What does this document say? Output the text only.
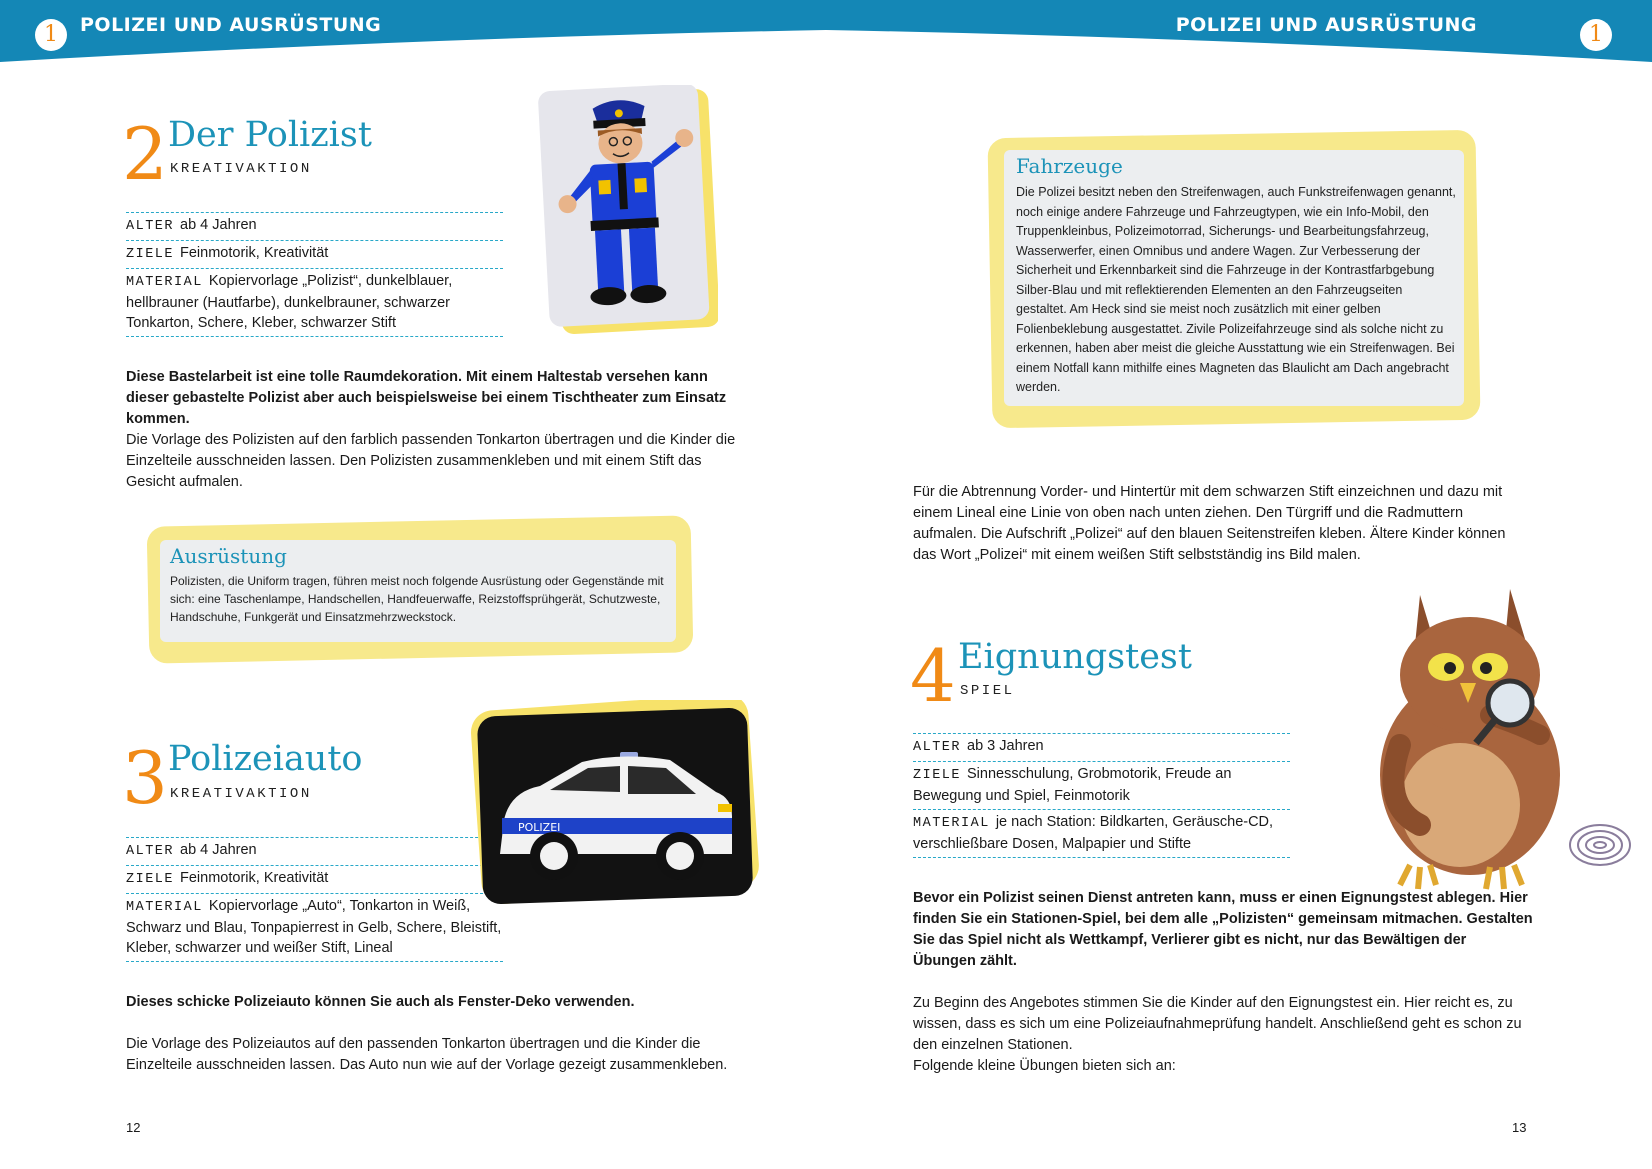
1	POLIZEI UND AUSRÜSTUNG	POLIZEI UND AUSRÜSTUNG	1
2 Der Polizist
KREATIVAKTION
ALTER ab 4 Jahren
ZIELE Feinmotorik, Kreativität
MATERIAL Kopiervorlage „Polizist“, dunkelblauer, hellbrauner (Hautfarbe), dunkelbrauner, schwarzer Tonkarton, Schere, Kleber, schwarzer Stift
Diese Bastelarbeit ist eine tolle Raumdekoration. Mit einem Haltestab versehen kann dieser gebastelte Polizist aber auch beispielsweise bei einem Tischtheater zum Einsatz kommen.
Die Vorlage des Polizisten auf den farblich passenden Tonkarton übertragen und die Kinder die Einzelteile ausschneiden lassen. Den Polizisten zusammenkleben und mit einem Stift das Gesicht aufmalen.
Ausrüstung
Polizisten, die Uniform tragen, führen meist noch folgende Ausrüstung oder Gegenstände mit sich: eine Taschenlampe, Handschellen, Handfeuerwaffe, Reizstoffsprühgerät, Schutzweste, Handschuhe, Funkgerät und Einsatzmehrzweckstock.
3 Polizeiauto
KREATIVAKTION
ALTER ab 4 Jahren
ZIELE Feinmotorik, Kreativität
MATERIAL Kopiervorlage „Auto“, Tonkarton in Weiß, Schwarz und Blau, Tonpapierrest in Gelb, Schere, Bleistift, Kleber, schwarzer und weißer Stift, Lineal
POLIZEI
Dieses schicke Polizeiauto können Sie auch als Fenster-Deko verwenden.
Die Vorlage des Polizeiautos auf den passenden Tonkarton übertragen und die Kinder die Einzelteile ausschneiden lassen. Das Auto nun wie auf der Vorlage gezeigt zusammenkleben.
12
Fahrzeuge
Die Polizei besitzt neben den Streifenwagen, auch Funkstreifenwagen genannt, noch einige andere Fahrzeuge und Fahrzeugtypen, wie ein Info-Mobil, den Truppenkleinbus, Polizeimotorrad, Sicherungs- und Bearbeitungsfahrzeug, Wasserwerfer, einen Omnibus und andere Wagen. Zur Verbesserung der Sicherheit und Erkennbarkeit sind die Fahrzeuge in der Kontrastfarbgebung Silber-Blau und mit reflektierenden Elementen an den Fahrzeugseiten gestaltet. Am Heck sind sie meist noch zusätzlich mit einer gelben Folienbeklebung ausgestattet. Zivile Polizeifahrzeuge sind als solche nicht zu erkennen, haben aber meist die gleiche Ausstattung wie ein Streifenwagen. Bei einem Notfall kann mithilfe eines Magneten das Blaulicht am Dach angebracht werden.
Für die Abtrennung Vorder- und Hintertür mit dem schwarzen Stift einzeichnen und dazu mit einem Lineal eine Linie von oben nach unten ziehen. Den Türgriff und die Radmuttern aufmalen. Die Aufschrift „Polizei“ auf den blauen Seitenstreifen kleben. Ältere Kinder können das Wort „Polizei“ mit einem weißen Stift selbstständig ins Bild malen.
4 Eignungstest
SPIEL
ALTER ab 3 Jahren
ZIELE Sinnesschulung, Grobmotorik, Freude an Bewegung und Spiel, Feinmotorik
MATERIAL je nach Station: Bildkarten, Geräusche-CD, verschließbare Dosen, Malpapier und Stifte
Bevor ein Polizist seinen Dienst antreten kann, muss er einen Eignungstest ablegen. Hier finden Sie ein Stationen-Spiel, bei dem alle „Polizisten“ gemeinsam mitmachen. Gestalten Sie das Spiel nicht als Wettkampf, Verlierer gibt es nicht, nur das Bewältigen der Übungen zählt.
Zu Beginn des Angebotes stimmen Sie die Kinder auf den Eignungstest ein. Hier reicht es, zu wissen, dass es sich um eine Polizeiaufnahmeprüfung handelt. Anschließend geht es schon zu den einzelnen Stationen.
Folgende kleine Übungen bieten sich an:
13
